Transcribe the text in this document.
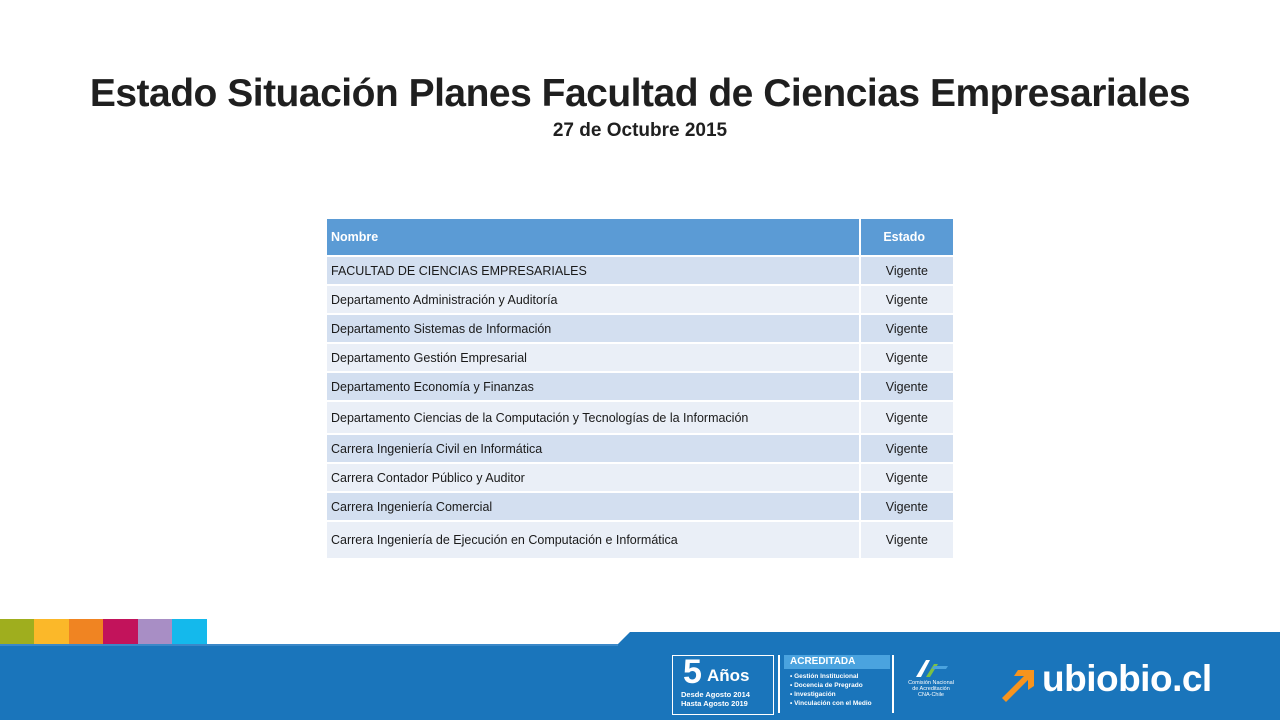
Estado Situación Planes Facultad de Ciencias Empresariales
27 de Octubre 2015
Nombre	Estado
FACULTAD DE CIENCIAS EMPRESARIALES	Vigente
Departamento Administración y Auditoría	Vigente
Departamento Sistemas de Información	Vigente
Departamento Gestión Empresarial	Vigente
Departamento Economía y Finanzas	Vigente
Departamento Ciencias de la Computación y Tecnologías de la Información	Vigente
Carrera Ingeniería Civil en Informática	Vigente
Carrera Contador Público y Auditor	Vigente
Carrera Ingeniería Comercial	Vigente
Carrera Ingeniería de Ejecución en Computación e Informática	Vigente
5 Años
Desde Agosto 2014
Hasta Agosto 2019
ACREDITADA
• Gestión Institucional
• Docencia de Pregrado
• Investigación
• Vinculación con el Medio
Comisión Nacional
de Acreditación
CNA-Chile	ubiobio.cl
